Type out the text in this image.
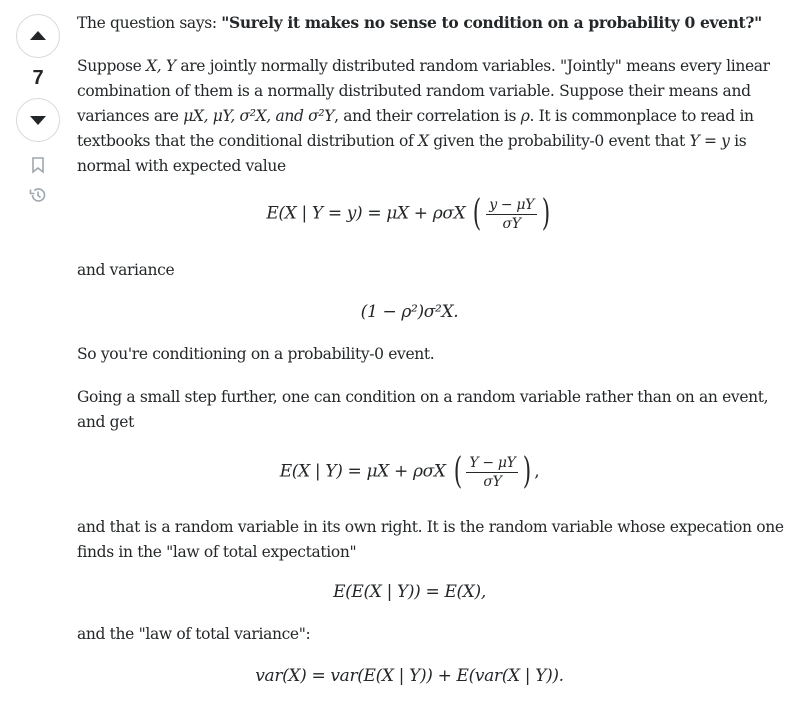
7

The question says: "Surely it makes no sense to condition on a probability 0 event?"

Suppose X, Y are jointly normally distributed random variables. "Jointly" means every linear combination of them is a normally distributed random variable. Suppose their means and variances are μX, μY, σ²X, and σ²Y, and their correlation is ρ. It is commonplace to read in textbooks that the conditional distribution of X given the probability-0 event that Y = y is normal with expected value

E(X | Y = y) = μX + ρσX ( $\frac{y - \mu Y}{\sigma Y}$ )

and variance

(1 − ρ²)σ²X.

So you're conditioning on a probability-0 event.

Going a small step further, one can condition on a random variable rather than on an event, and get

E(X | Y) = μX + ρσX ( $\frac{Y - \mu Y}{\sigma Y}$ ) ,

and that is a random variable in its own right. It is the random variable whose expecation one finds in the "law of total expectation"

E(E(X | Y)) = E(X),

and the "law of total variance":

var(X) = var(E(X | Y)) + E(var(X | Y)).
